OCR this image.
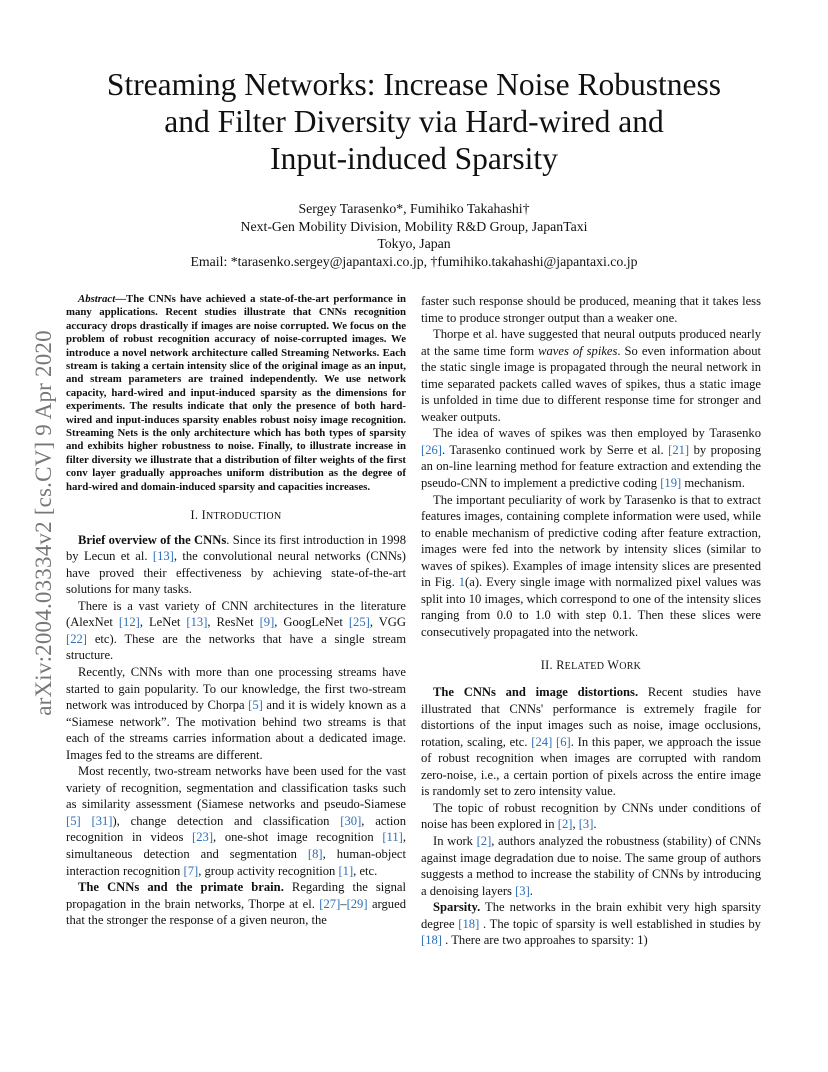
Streaming Networks: Increase Noise Robustness
and Filter Diversity via Hard-wired and
Input-induced Sparsity
Sergey Tarasenko*, Fumihiko Takahashi†
Next-Gen Mobility Division, Mobility R&D Group, JapanTaxi
Tokyo, Japan
Email: *tarasenko.sergey@japantaxi.co.jp, †fumihiko.takahashi@japantaxi.co.jp
arXiv:2004.03334v2 [cs.CV] 9 Apr 2020

Abstract—The CNNs have achieved a state-of-the-art performance in many applications. Recent studies illustrate that CNNs recognition accuracy drops drastically if images are noise corrupted. We focus on the problem of robust recognition accuracy of noise-corrupted images. We introduce a novel network architecture called Streaming Networks. Each stream is taking a certain intensity slice of the original image as an input, and stream parameters are trained independently. We use network capacity, hard-wired and input-induced sparsity as the dimensions for experiments. The results indicate that only the presence of both hard-wired and input-induces sparsity enables robust noisy image recognition. Streaming Nets is the only architecture which has both types of sparsity and exhibits higher robustness to noise. Finally, to illustrate increase in filter diversity we illustrate that a distribution of filter weights of the first conv layer gradually approaches uniform distribution as the degree of hard-wired and domain-induced sparsity and capacities increases.

I. INTRODUCTION

Brief overview of the CNNs. Since its first introduction in 1998 by Lecun et al. [13], the convolutional neural networks (CNNs) have proved their effectiveness by achieving state-of-the-art solutions for many tasks.

There is a vast variety of CNN architectures in the literature (AlexNet [12], LeNet [13], ResNet [9], GoogLeNet [25], VGG [22] etc). These are the networks that have a single stream structure.

Recently, CNNs with more than one processing streams have started to gain popularity. To our knowledge, the first two-stream network was introduced by Chorpa [5] and it is widely known as a “Siamese network”. The motivation behind two streams is that each of the streams carries information about a dedicated image. Images fed to the streams are different.

Most recently, two-stream networks have been used for the vast variety of recognition, segmentation and classification tasks such as similarity assessment (Siamese networks and pseudo-Siamese [5] [31]), change detection and classification [30], action recognition in videos [23], one-shot image recognition [11], simultaneous detection and segmentation [8], human-object interaction recognition [7], group activity recognition [1], etc.

The CNNs and the primate brain. Regarding the signal propagation in the brain networks, Thorpe at el. [27]–[29] argued that the stronger the response of a given neuron, the

faster such response should be produced, meaning that it takes less time to produce stronger output than a weaker one.

Thorpe et al. have suggested that neural outputs produced nearly at the same time form waves of spikes. So even information about the static single image is propagated through the neural network in time separated packets called waves of spikes, thus a static image is unfolded in time due to different response time for stronger and weaker outputs.

The idea of waves of spikes was then employed by Tarasenko [26]. Tarasenko continued work by Serre et al. [21] by proposing an on-line learning method for feature extraction and extending the pseudo-CNN to implement a predictive coding [19] mechanism.

The important peculiarity of work by Tarasenko is that to extract features images, containing complete information were used, while to enable mechanism of predictive coding after feature extraction, images were fed into the network by intensity slices (similar to waves of spikes). Examples of image intensity slices are presented in Fig. 1(a). Every single image with normalized pixel values was split into 10 images, which correspond to one of the intensity slices ranging from 0.0 to 1.0 with step 0.1. Then these slices were consecutively propagated into the network.

II. RELATED WORK

The CNNs and image distortions. Recent studies have illustrated that CNNs' performance is extremely fragile for distortions of the input images such as noise, image occlusions, rotation, scaling, etc. [24] [6]. In this paper, we approach the issue of robust recognition when images are corrupted with random zero-noise, i.e., a certain portion of pixels across the entire image is randomly set to zero intensity value.

The topic of robust recognition by CNNs under conditions of noise has been explored in [2], [3].

In work [2], authors analyzed the robustness (stability) of CNNs against image degradation due to noise. The same group of authors suggests a method to increase the stability of CNNs by introducing a denoising layers [3].

Sparsity. The networks in the brain exhibit very high sparsity degree [18] . The topic of sparsity is well established in studies by [18] . There are two approahes to sparsity: 1)
